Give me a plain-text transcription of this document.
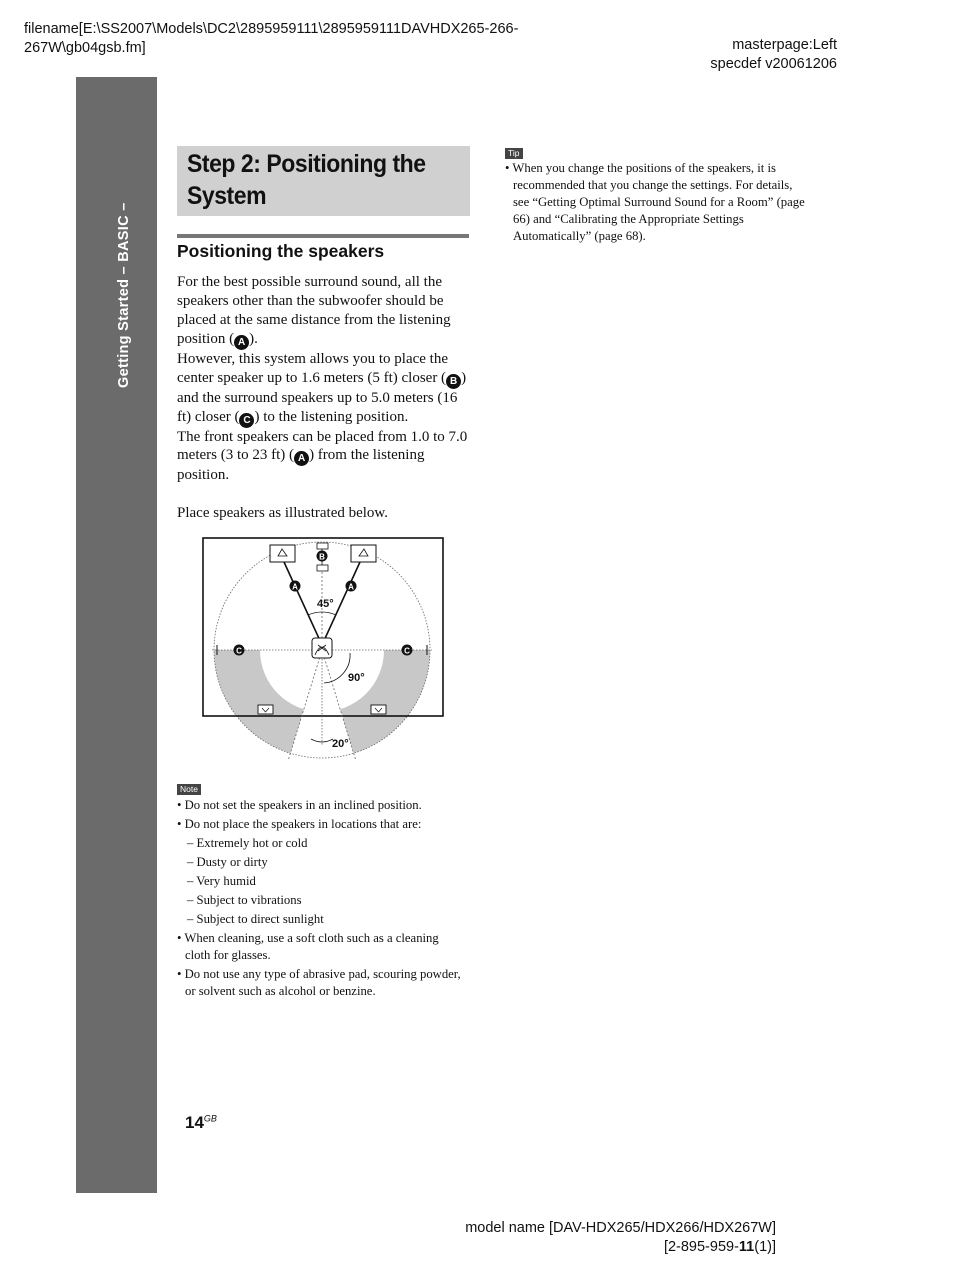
filename[E:\SS2007\Models\DC2\2895959111\2895959111DAVHDX265-266-
267W\gb04gsb.fm]	masterpage:Left
specdef v20061206
Getting Started – BASIC –
Step 2: Positioning the
System
Positioning the speakers
For the best possible surround sound, all the speakers other than the subwoofer should be placed at the same distance from the listening position ( A ).
However, this system allows you to place the center speaker up to 1.6 meters (5 ft) closer ( B ) and the surround speakers up to 5.0 meters (16 ft) closer ( C ) to the listening position.
The front speakers can be placed from 1.0 to 7.0 meters (3 to 23 ft) ( A ) from the listening position.
Place speakers as illustrated below.
B
A	A
C	C
45°
90°
20°
Note
• Do not set the speakers in an inclined position.
• Do not place the speakers in locations that are:
– Extremely hot or cold
– Dusty or dirty
– Very humid
– Subject to vibrations
– Subject to direct sunlight
• When cleaning, use a soft cloth such as a cleaning cloth for glasses.
• Do not use any type of abrasive pad, scouring powder, or solvent such as alcohol or benzine.
Tip
• When you change the positions of the speakers, it is recommended that you change the settings. For details, see “Getting Optimal Surround Sound for a Room” (page 66) and “Calibrating the Appropriate Settings Automatically” (page 68).
$14^{GB}$
model name [DAV-HDX265/HDX266/HDX267W]
[2-895-959-11(1)]
